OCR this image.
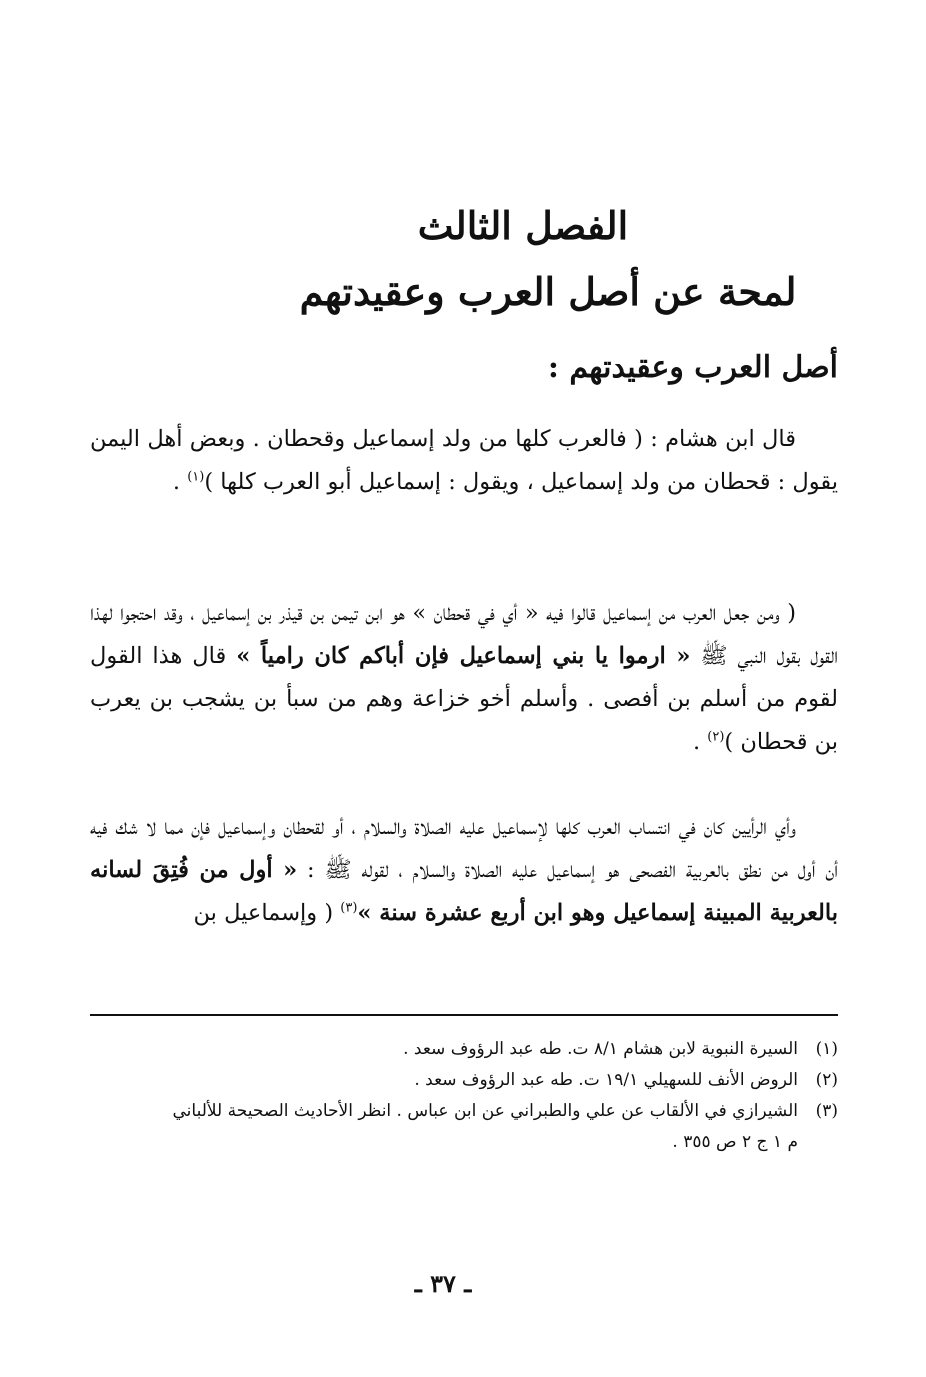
الفصل الثالث
لمحة عن أصل العرب وعقيدتهم
أصل العرب وعقيدتهم :
قال ابن هشام : ( فالعرب كلها من ولد إسماعيل وقحطان . وبعض أهل اليمن يقول : قحطان من ولد إسماعيل ، ويقول : إسماعيل أبو العرب كلها )$^{(١)}$ .
( ومن جعل العرب من إسماعيل قالوا فيه « أي في قحطان » هو ابن تيمن بن قيذر بن إسماعيل ، وقد احتجوا لهذا القول بقول النبي ﷺ « ارموا يا بني إسماعيل فإن أباكم كان رامياً » قال هذا القول لقوم من أسلم بن أفصى . وأسلم أخو خزاعة وهم من سبأ بن يشجب بن يعرب بن قحطان )$^{(٢)}$ .
وأي الرأيين كان في انتساب العرب كلها لإسماعيل عليه الصلاة والسلام ، أو لقحطان وإسماعيل فإن مما لا شك فيه أن أول من نطق بالعربية الفصحى هو إسماعيل عليه الصلاة والسلام ، لقوله ﷺ : « أول من فُتِقَ لسانه بالعربية المبينة إسماعيل وهو ابن أربع عشرة سنة »$^{(٣)}$ ( وإسماعيل بن
(١)
السيرة النبوية لابن هشام ٨/١ ت. طه عبد الرؤوف سعد .
(٢)
الروض الأنف للسهيلي ١٩/١ ت. طه عبد الرؤوف سعد .
(٣)
الشيرازي في الألقاب عن علي والطبراني عن ابن عباس . انظر الأحاديث الصحيحة للألباني
م ١ ج ٢ ص ٣٥٥ .
ـ ٣٧ ـ
